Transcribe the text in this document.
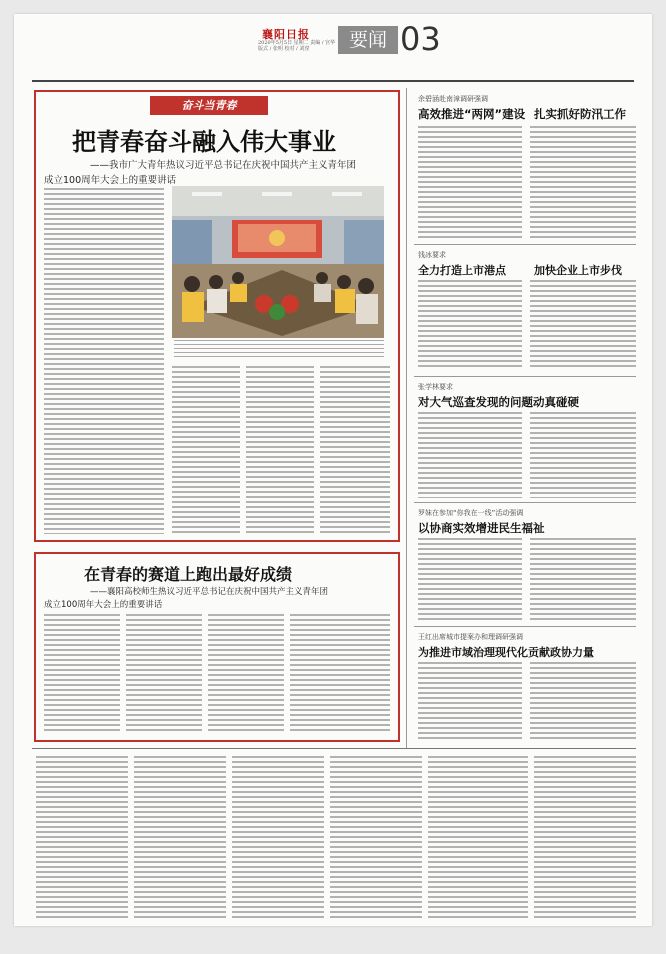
襄阳日报
2020年5月5日 星期二 责编 / 宫华 版式 / 张明 校对 / 刘滢	要闻 03
奋斗当青春
把青春奋斗融入伟大事业
——我市广大青年热议习近平总书记在庆祝中国共产主义青年团
成立100周年大会上的重要讲话
在青春的赛道上跑出最好成绩
——襄阳高校师生热议习近平总书记在庆祝中国共产主义青年团
成立100周年大会上的重要讲话
余碧涵赴南漳调研强调
高效推进“两网”建设 扎实抓好防汛工作
钱冰要求
全力打造上市港点	加快企业上市步伐
张学林要求
对大气巡查发现的问题动真碰硬
罗妹在参加“你我在一线”活动强调
以协商实效增进民生福祉
王红出席城市提案办和理调研强调
为推进市域治理现代化贡献政协力量
